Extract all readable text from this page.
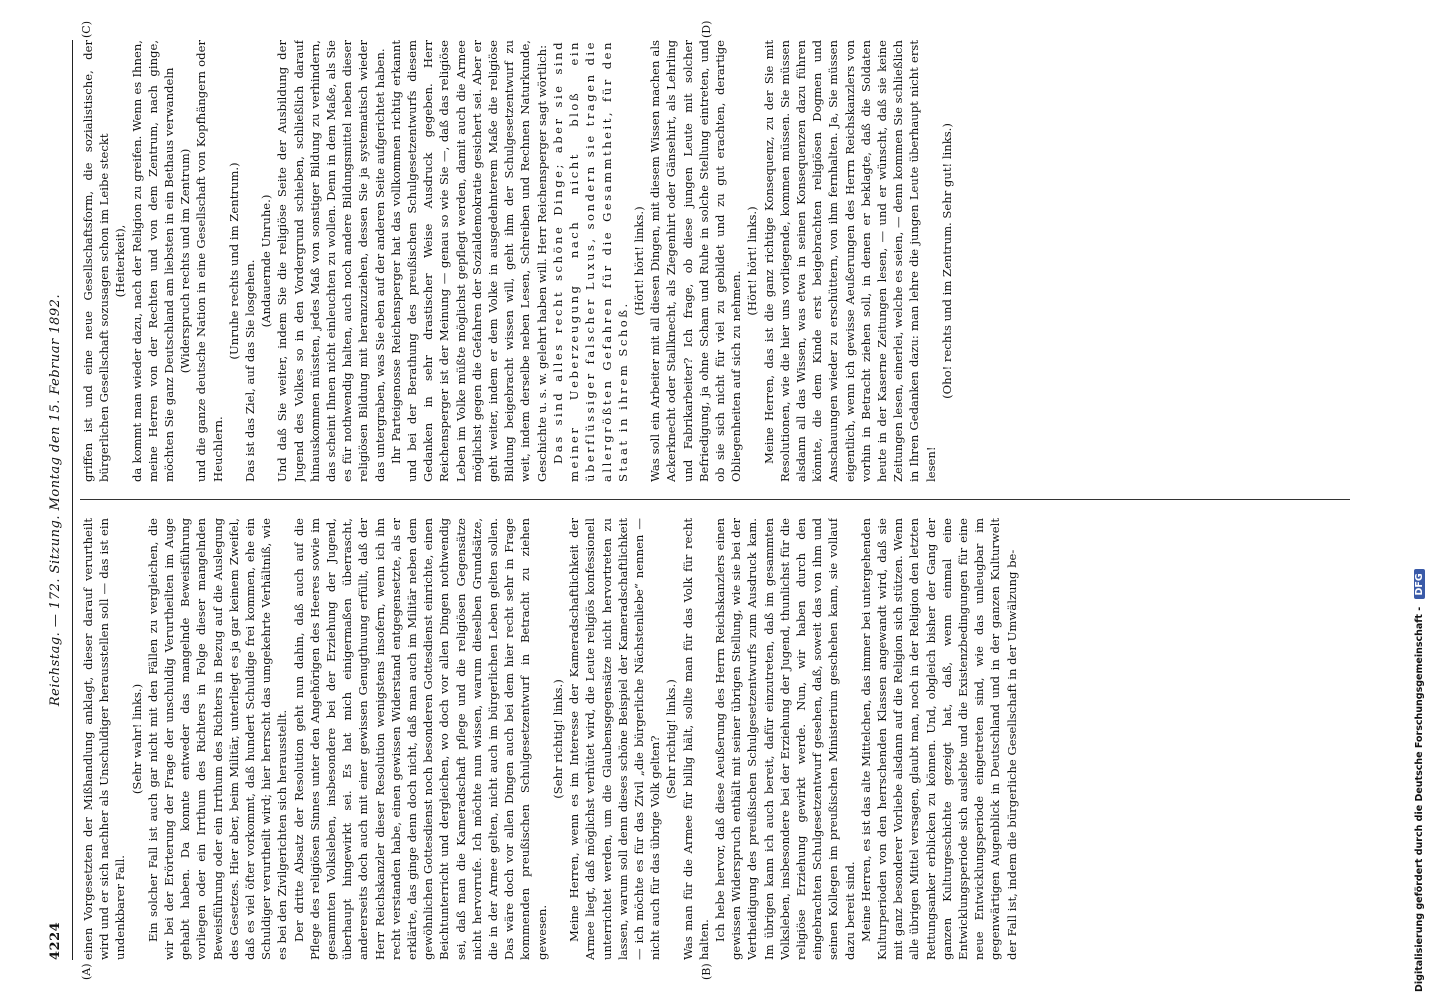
4224
Reichstag. — 172. Sitzung. Montag den 15. Februar 1892.
(A)	(B)
(C)	(D)

einen Vorgesetzten der Mißhandlung anklagt, dieser darauf verurtheilt wird und er sich nachher als Unschuldiger herausstellen soll — das ist ein undenkbarer Fall.

(Sehr wahr! links.) Ein solcher Fall ist auch gar nicht mit den Fällen zu vergleichen, die wir bei der Erörterung der Frage der unschuldig Verurtheilten im Auge gehabt haben. Da konnte entweder das mangelnde Beweisführung vorliegen oder ein Irrthum des Richters in Folge dieser mangelnden Beweisführung oder ein Irrthum des Richters in Bezug auf die Auslegung des Gesetzes. Hier aber, beim Militär, unterliegt es ja gar keinem Zweifel, daß es viel öfter vorkommt, daß hundert Schuldige frei kommen, ehe ein Schuldiger verurtheilt wird; hier herrscht das umgekehrte Verhältniß, wie es bei den Zivilgerichten sich herausstellt. Der dritte Absatz der Resolution geht nun dahin, daß auch auf die Pflege des religiösen Sinnes unter den Angehörigen des Heeres sowie im gesammten Volksleben, insbesondere bei der Erziehung der Jugend, überhaupt hingewirkt sei. Es hat mich einigermaßen überrascht, andererseits doch auch mit einer gewissen Genugthuung erfüllt, daß der Herr Reichskanzler dieser Resolution wenigstens insofern, wenn ich ihn recht verstanden habe, einen gewissen Widerstand entgegensetzte, als er erklärte, das ginge denn doch nicht, daß man auch im Militär neben dem gewöhnlichen Gottesdienst noch besonderen Gottesdienst einrichte, einen Beichtunterricht und dergleichen, wo doch vor allen Dingen nothwendig sei, daß man die Kameradschaft pflege und die religiösen Gegensätze nicht hervorrufe. Ich möchte nun wissen, warum dieselben Grundsätze, die in der Armee gelten, nicht auch im bürgerlichen Leben gelten sollen. Das wäre doch vor allen Dingen auch bei dem hier recht sehr in Frage kommenden preußischen Schulgesetzentwurf in Betracht zu ziehen gewesen.

(Sehr richtig! links.) Meine Herren, wenn es im Interesse der Kameradschaftlichkeit der Armee liegt, daß möglichst verhütet wird, die Leute religiös konfessionell unterrichtet werden, um die Glaubensgegensätze nicht hervortreten zu lassen, warum soll denn dieses schöne Beispiel der Kameradschaftlichkeit — ich möchte es für das Zivil „die bürgerliche Nächstenliebe“ nennen — nicht auch für das übrige Volk gelten? (Sehr richtig! links.) Was man für die Armee für billig hält, sollte man für das Volk für recht halten. Ich hebe hervor, daß diese Aeußerung des Herrn Reichskanzlers einen gewissen Widerspruch enthält mit seiner übrigen Stellung, wie sie bei der Vertheidigung des preußischen Schulgesetzentwurfs zum Ausdruck kam. Im übrigen kann ich auch bereit, dafür einzutreten, daß im gesammten Volksleben, insbesondere bei der Erziehung der Jugend, thunlichst für die religiöse Erziehung gewirkt werde. Nun, wir haben durch den eingebrachten Schulgesetzentwurf gesehen, daß, soweit das von ihm und seinen Kollegen im preußischen Ministerium geschehen kann, sie vollauf dazu bereit sind. Meine Herren, es ist das alte Mittelchen, das immer bei untergehenden Kulturperioden von den herrschenden Klassen angewandt wird, daß sie mit ganz besonderer Vorliebe alsdann auf die Religion sich stützen. Wenn alle übrigen Mittel versagen, glaubt man, noch in der Religion den letzten Rettungsanker erblicken zu können. Und, obgleich bisher der Gang der ganzen Kulturgeschichte gezeigt hat, daß, wenn einmal eine Entwicklungsperiode sich auslebte und die Existenzbedingungen für eine neue Entwicklungsperiode eingetreten sind, wie das unleugbar im gegenwärtigen Augenblick in Deutschland und in der ganzen Kulturwelt der Fall ist, indem die bürgerliche Gesellschaft in der Umwälzung be-

griffen ist und eine neue Gesellschaftsform, die sozialistische, der bürgerlichen Gesellschaft sozusagen schon im Leibe steckt (Heiterkeit), da kommt man wieder dazu, nach der Religion zu greifen. Wenn es Ihnen, meine Herren von der Rechten und von dem Zentrum, nach ginge, möchten Sie ganz Deutschland am liebsten in ein Bethaus verwandeln (Widerspruch rechts und im Zentrum) und die ganze deutsche Nation in eine Gesellschaft von Kopfhängern oder Heuchlern.

(Unruhe rechts und im Zentrum.) Das ist das Ziel, auf das Sie losgehen. (Andauernde Unruhe.) Und daß Sie weiter, indem Sie die religiöse Seite der Ausbildung der Jugend des Volkes so in den Vordergrund schieben, schließlich darauf hinauskommen müssten, jedes Maß von sonstiger Bildung zu verhindern, das scheint Ihnen nicht einleuchten zu wollen. Denn in dem Maße, als Sie es für nothwendig halten, auch noch andere Bildungsmittel neben dieser religiösen Bildung mit heranzuziehen, dessen Sie ja systematisch wieder das untergraben, was Sie eben auf der anderen Seite aufgerichtet haben. Ihr Parteigenosse Reichensperger hat das vollkommen richtig erkannt und bei der Berathung des preußischen Schulgesetzentwurfs diesem Gedanken in sehr drastischer Weise Ausdruck gegeben. Herr Reichensperger ist der Meinung — genau so wie Sie —, daß das religiöse Leben im Volke müßte möglichst gepflegt werden, damit auch die Armee möglichst gegen die Gefahren der Sozialdemokratie gesichert sei. Aber er geht weiter, indem er dem Volke in ausgedehnterem Maße die religiöse Bildung beigebracht wissen will, geht ihm der Schulgesetzentwurf zu weit, indem derselbe neben Lesen, Schreiben und Rechnen Naturkunde, Geschichte u. s. w. gelehrt haben will. Herr Reichensperger sagt wörtlich: Das sind alles recht schöne Dinge; aber sie sind meiner Ueberzeugung nach nicht bloß ein überflüssiger falscher Luxus, sondern sie tragen die allergrößten Gefahren für die Gesammtheit, für den Staat in ihrem Schoß.

(Hört! hört! links.) Was soll ein Arbeiter mit all diesen Dingen, mit diesem Wissen machen als Ackerknecht oder Stallknecht, als Ziegenhirt oder Gänsehirt, als Lehrling und Fabrikarbeiter? Ich frage, ob diese jungen Leute mit solcher Befriedigung, ja ohne Scham und Ruhe in solche Stellung eintreten, und ob sie sich nicht für viel zu gebildet und zu gut erachten, derartige Obliegenheiten auf sich zu nehmen.

(Hört! hört! links.) Meine Herren, das ist die ganz richtige Konsequenz, zu der Sie mit Resolutionen, wie die hier uns vorliegende, kommen müssen. Sie müssen alsdann all das Wissen, was etwa in seinen Konsequenzen dazu führen könnte, die dem Kinde erst beigebrachten religiösen Dogmen und Anschauungen wieder zu erschüttern, von ihm fernhalten. Ja, Sie müssen eigentlich, wenn ich gewisse Aeußerungen des Herrn Reichskanzlers von vorhin in Betracht ziehen soll, in denen er beklagte, daß die Soldaten heute in der Kaserne Zeitungen lesen, — und er wünscht, daß sie keine Zeitungen lesen, einerlei, welche es seien, — denn kommen Sie schließlich in Ihren Gedanken dazu: man lehre die jungen Leute überhaupt nicht erst lesen!

(Oho! rechts und im Zentrum. Sehr gut! links.)

Digitalisierung gefördert durch die Deutsche Forschungsgemeinschaft - DFG
